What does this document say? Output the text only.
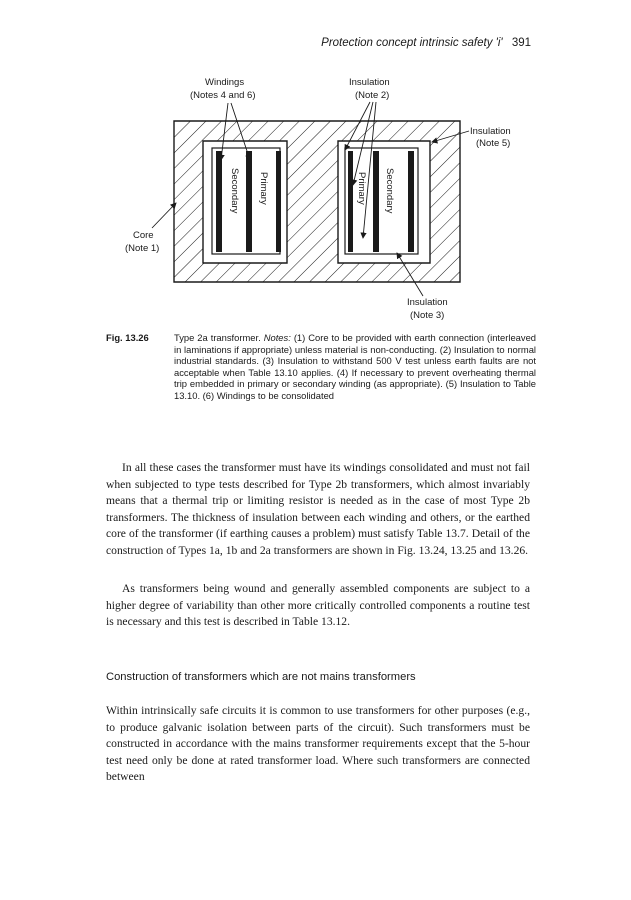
Protection concept intrinsic safety 'i' 391
Secondary Primary	Primary Secondary
Windings
(Notes 4 and 6)
Insulation
(Note 2)
Insulation
(Note 5)
Core
(Note 1)
Insulation
(Note 3)
Fig. 13.26	Type 2a transformer. Notes: (1) Core to be provided with earth connection (interleaved in laminations if appropriate) unless material is non-conducting. (2) Insulation to normal industrial standards. (3) Insulation to withstand 500 V test unless earth faults are not acceptable when Table 13.10 applies. (4) If necessary to prevent overheating thermal trip embedded in primary or secondary winding (as appropriate). (5) Insulation to Table 13.10. (6) Windings to be consolidated

In all these cases the transformer must have its windings consolidated and must not fail when subjected to type tests described for Type 2b transformers, which almost invariably means that a thermal trip or limiting resistor is needed as in the case of most Type 2b transformers. The thickness of insulation between each winding and others, or the earthed core of the transformer (if earthing causes a problem) must satisfy Table 13.7. Detail of the construction of Types 1a, 1b and 2a transformers are shown in Fig. 13.24, 13.25 and 13.26.

As transformers being wound and generally assembled components are subject to a higher degree of variability than other more critically controlled components a routine test is necessary and this test is described in Table 13.12.

Construction of transformers which are not mains transformers

Within intrinsically safe circuits it is common to use transformers for other purposes (e.g., to produce galvanic isolation between parts of the circuit). Such transformers must be constructed in accordance with the mains transformer requirements except that the 5-hour test need only be done at rated transformer load. Where such transformers are connected between
